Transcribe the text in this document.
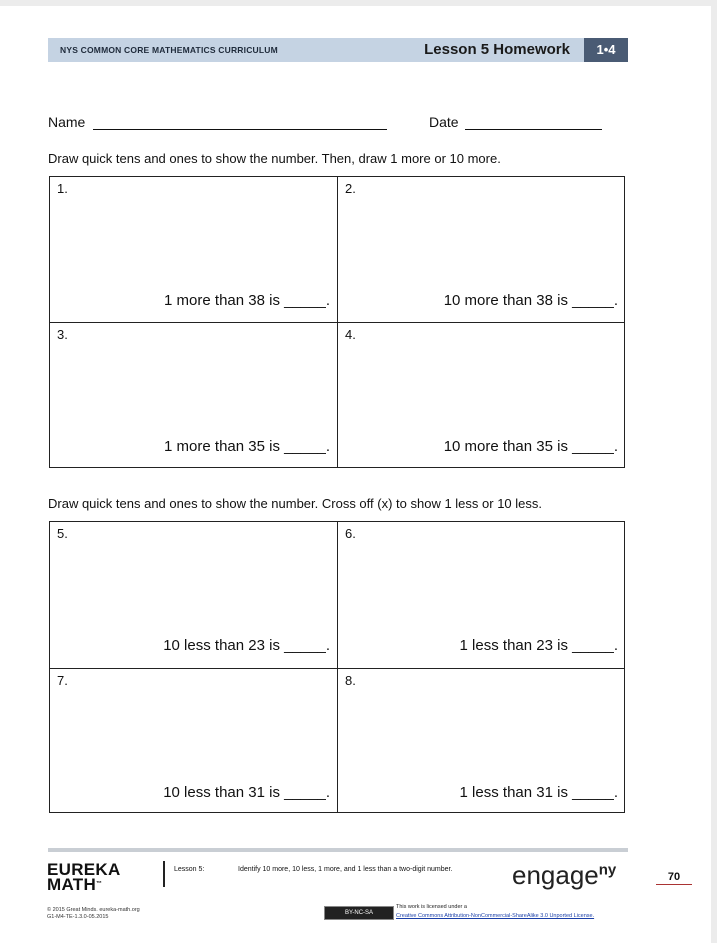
NYS COMMON CORE MATHEMATICS CURRICULUM	Lesson 5 Homework	1•4
Name	Date
Draw quick tens and ones to show the number. Then, draw 1 more or 10 more.
1.
1 more than 38 is _____.
2.
10 more than 38 is _____.
3.
1 more than 35 is _____.
4.
10 more than 35 is _____.
Draw quick tens and ones to show the number. Cross off (x) to show 1 less or 10 less.
5.
10 less than 23 is _____.
6.
1 less than 23 is _____.
7.
10 less than 31 is _____.
8.
1 less than 31 is _____.
EUREKA
MATH™
Lesson 5:	Identify 10 more, 10 less, 1 more, and 1 less than a two-digit number. engage$^{ny}$	70
© 2015 Great Minds. eureka-math.org
G1-M4-TE-1.3.0-05.2015
BY-NC-SA
This work is licensed under a
Creative Commons Attribution-NonCommercial-ShareAlike 3.0 Unported License.
